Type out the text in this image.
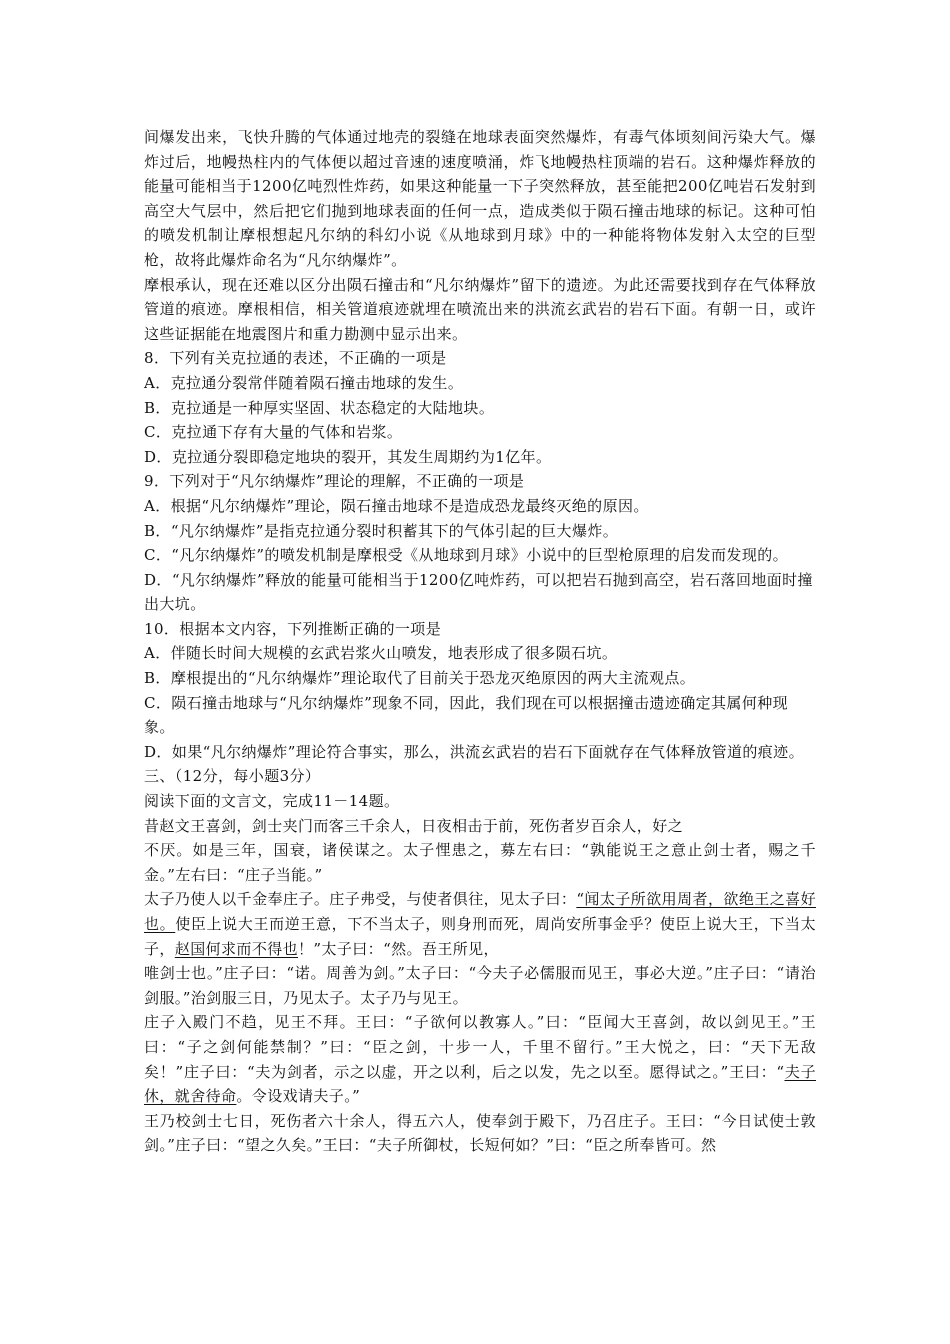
间爆发出来，飞快升腾的气体通过地壳的裂缝在地球表面突然爆炸，有毒气体顷刻间污染大气。爆炸过后，地幔热柱内的气体便以超过音速的速度喷涌，炸飞地幔热柱顶端的岩石。这种爆炸释放的能量可能相当于1200亿吨烈性炸药，如果这种能量一下子突然释放，甚至能把200亿吨岩石发射到高空大气层中，然后把它们抛到地球表面的任何一点，造成类似于陨石撞击地球的标记。这种可怕的喷发机制让摩根想起凡尔纳的科幻小说《从地球到月球》中的一种能将物体发射入太空的巨型枪，故将此爆炸命名为“凡尔纳爆炸”。

摩根承认，现在还难以区分出陨石撞击和“凡尔纳爆炸”留下的遗迹。为此还需要找到存在气体释放管道的痕迹。摩根相信，相关管道痕迹就埋在喷流出来的洪流玄武岩的岩石下面。有朝一日，或许这些证据能在地震图片和重力勘测中显示出来。

8．下列有关克拉通的表述，不正确的一项是

A．克拉通分裂常伴随着陨石撞击地球的发生。

B．克拉通是一种厚实坚固、状态稳定的大陆地块。

C．克拉通下存有大量的气体和岩浆。

D．克拉通分裂即稳定地块的裂开，其发生周期约为1亿年。

9．下列对于“凡尔纳爆炸”理论的理解，不正确的一项是

A．根据“凡尔纳爆炸”理论，陨石撞击地球不是造成恐龙最终灭绝的原因。

B．“凡尔纳爆炸”是指克拉通分裂时积蓄其下的气体引起的巨大爆炸。

C．“凡尔纳爆炸”的喷发机制是摩根受《从地球到月球》小说中的巨型枪原理的启发而发现的。

D．“凡尔纳爆炸”释放的能量可能相当于1200亿吨炸药，可以把岩石抛到高空，岩石落回地面时撞出大坑。

10．根据本文内容，下列推断正确的一项是

A．伴随长时间大规模的玄武岩浆火山喷发，地表形成了很多陨石坑。

B．摩根提出的“凡尔纳爆炸”理论取代了目前关于恐龙灭绝原因的两大主流观点。

C．陨石撞击地球与“凡尔纳爆炸”现象不同，因此，我们现在可以根据撞击遗迹确定其属何种现象。

D．如果“凡尔纳爆炸”理论符合事实，那么，洪流玄武岩的岩石下面就存在气体释放管道的痕迹。

三、（12分，每小题3分）

阅读下面的文言文，完成11－14题。

昔赵文王喜剑，剑士夹门而客三千余人，日夜相击于前，死伤者岁百余人，好之

不厌。如是三年，国衰，诸侯谋之。太子悝患之，募左右曰：“孰能说王之意止剑士者，赐之千金。”左右曰：“庄子当能。”

太子乃使人以千金奉庄子。庄子弗受，与使者俱往，见太子曰：“闻太子所欲用周者，欲绝王之喜好也。使臣上说大王而逆王意，下不当太子，则身刑而死，周尚安所事金乎？使臣上说大王，下当太子，赵国何求而不得也！”太子曰：“然。吾王所见，

唯剑士也。”庄子曰：“诺。周善为剑。”太子曰：“今夫子必儒服而见王，事必大逆。”庄子曰：“请治剑服。”治剑服三日，乃见太子。太子乃与见王。

庄子入殿门不趋，见王不拜。王曰：“子欲何以教寡人。”曰：“臣闻大王喜剑，故以剑见王。”王曰：“子之剑何能禁制？”曰：“臣之剑，十步一人，千里不留行。”王大悦之，曰：“天下无敌矣！”庄子曰：“夫为剑者，示之以虚，开之以利，后之以发，先之以至。愿得试之。”王曰：“夫子休，就舍待命。令设戏请夫子。”

王乃校剑士七日，死伤者六十余人，得五六人，使奉剑于殿下，乃召庄子。王曰：“今日试使士敦剑。”庄子曰：“望之久矣。”王曰：“夫子所御杖，长短何如？”曰：“臣之所奉皆可。然
